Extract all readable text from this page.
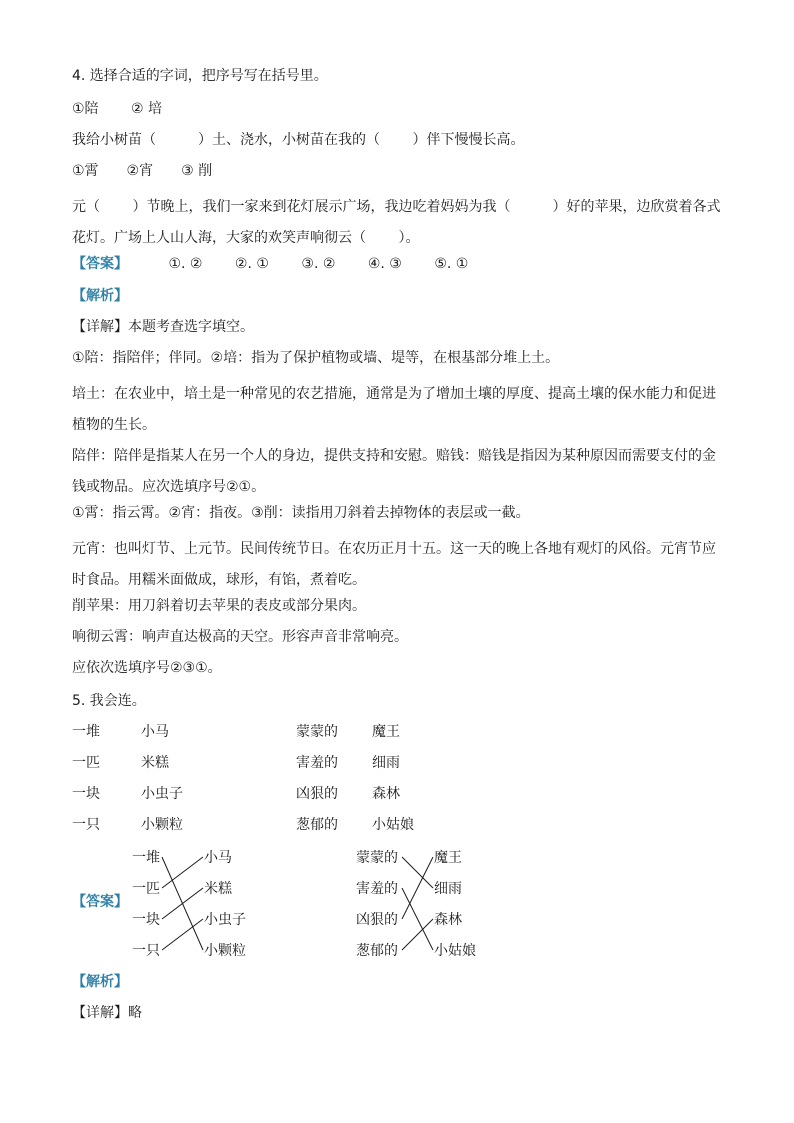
4. 选择合适的字词，把序号写在括号里。
①陪　　 ② 培
我给小树苗（　　　）土、浇水，小树苗在我的（　　 ）伴下慢慢长高。
①霄　　②宵　　③ 削
元（　　 ）节晚上，我们一家来到花灯展示广场，我边吃着妈妈为我（　　　）好的苹果，边欣赏着各式花灯。广场上人山人海，大家的欢笑声响彻云（　　 ）。
【答案】	①. ② ②. ① ③. ② ④. ③ ⑤. ①
【解析】
【详解】本题考查选字填空。
①陪：指陪伴；伴同。②培：指为了保护植物或墙、堤等，在根基部分堆上土。
培土：在农业中，培土是一种常见的农艺措施，通常是为了增加土壤的厚度、提高土壤的保水能力和促进植物的生长。
陪伴：陪伴是指某人在另一个人的身边，提供支持和安慰。赔钱：赔钱是指因为某种原因而需要支付的金钱或物品。应次选填序号②①。
①霄：指云霄。②宵：指夜。③削：读指用刀斜着去掉物体的表层或一截。
元宵：也叫灯节、上元节。民间传统节日。在农历正月十五。这一天的晚上各地有观灯的风俗。元宵节应时食品。用糯米面做成，球形，有馅，煮着吃。
削苹果：用刀斜着切去苹果的表皮或部分果肉。
响彻云霄：响声直达极高的天空。形容声音非常响亮。
应依次选填序号②③①。
5. 我会连。
一堆
一匹
一块
一只
小马
米糕
小虫子
小颗粒
蒙蒙的
害羞的
凶狠的
葱郁的
魔王
细雨
森林
小姑娘
【答案】
一堆
一匹
一块
一只
小马
米糕
小虫子
小颗粒
蒙蒙的
害羞的
凶狠的
葱郁的
魔王
细雨
森林
小姑娘
【解析】
【详解】略
